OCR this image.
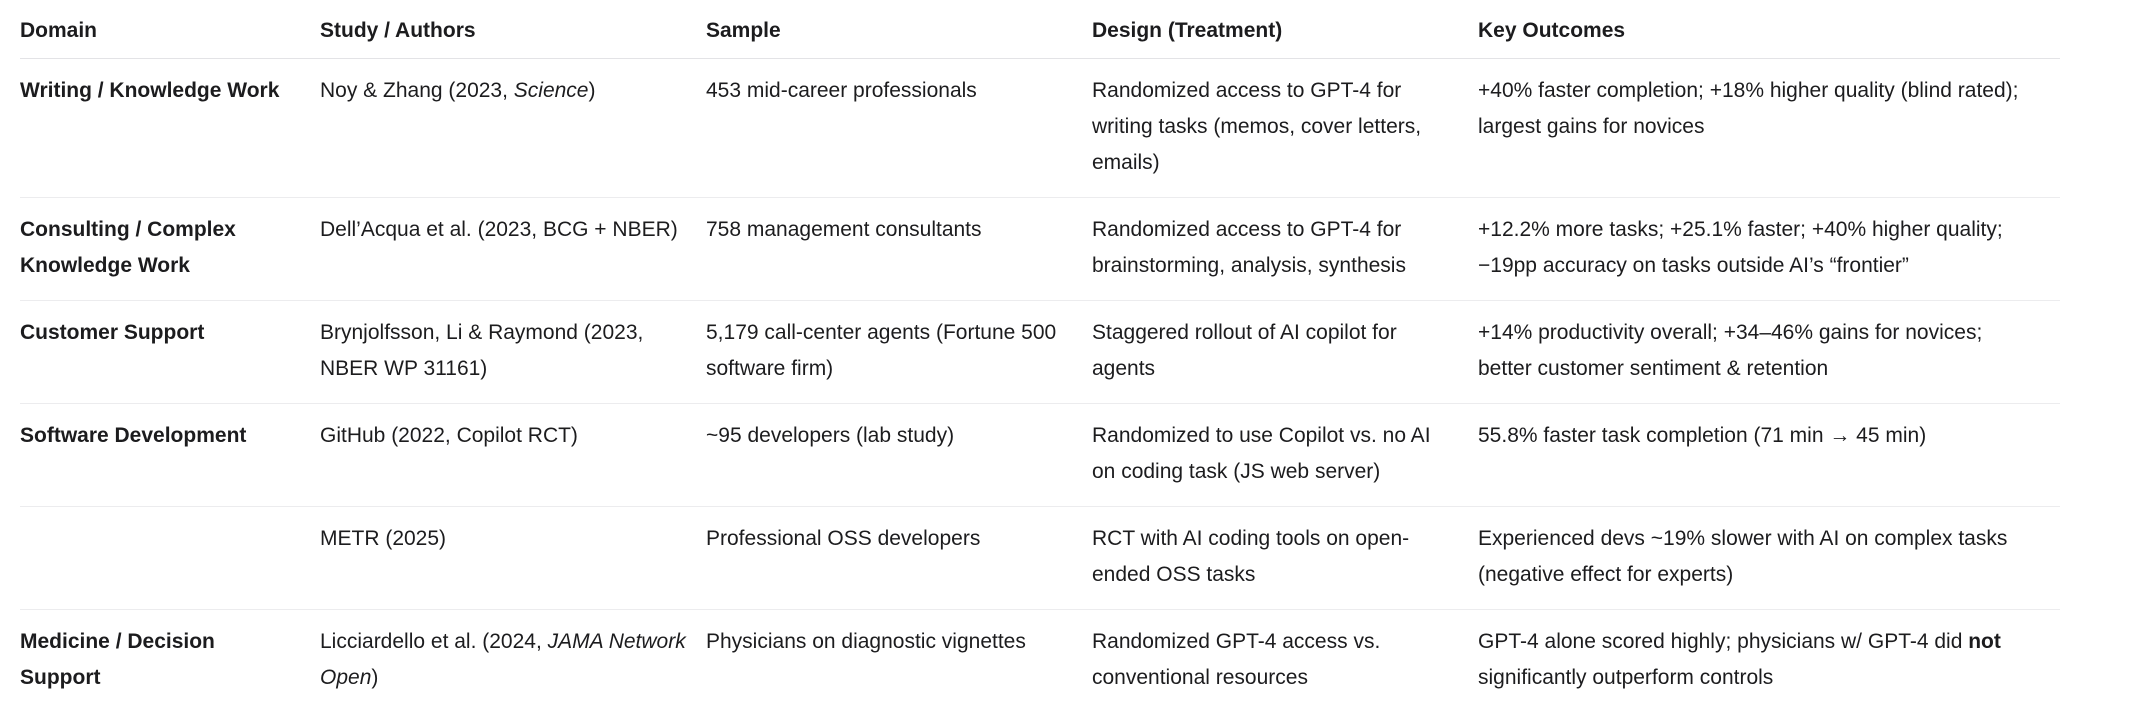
Domain	Study / Authors	Sample	Design (Treatment)	Key Outcomes
Writing / Knowledge Work	Noy & Zhang (2023, Science)	453 mid-career professionals	Randomized access to GPT-4 for writing tasks (memos, cover letters, emails)	+40% faster completion; +18% higher quality (blind rated); largest gains for novices
Consulting / Complex Knowledge Work	Dell’Acqua et al. (2023, BCG + NBER)	758 management consultants	Randomized access to GPT-4 for brainstorming, analysis, synthesis	+12.2% more tasks; +25.1% faster; +40% higher quality; −19pp accuracy on tasks outside AI’s “frontier”
Customer Support	Brynjolfsson, Li & Raymond (2023, NBER WP 31161)	5,179 call-center agents (Fortune 500 software firm)	Staggered rollout of AI copilot for agents	+14% productivity overall; +34–46% gains for novices; better customer sentiment & retention
Software Development	GitHub (2022, Copilot RCT)	~95 developers (lab study)	Randomized to use Copilot vs. no AI on coding task (JS web server)	55.8% faster task completion (71 min → 45 min)
	METR (2025)	Professional OSS developers	RCT with AI coding tools on open-ended OSS tasks	Experienced devs ~19% slower with AI on complex tasks (negative effect for experts)
Medicine / Decision Support	Licciardello et al. (2024, JAMA Network Open)	Physicians on diagnostic vignettes	Randomized GPT-4 access vs. conventional resources	GPT-4 alone scored highly; physicians w/ GPT-4 did not significantly outperform controls
